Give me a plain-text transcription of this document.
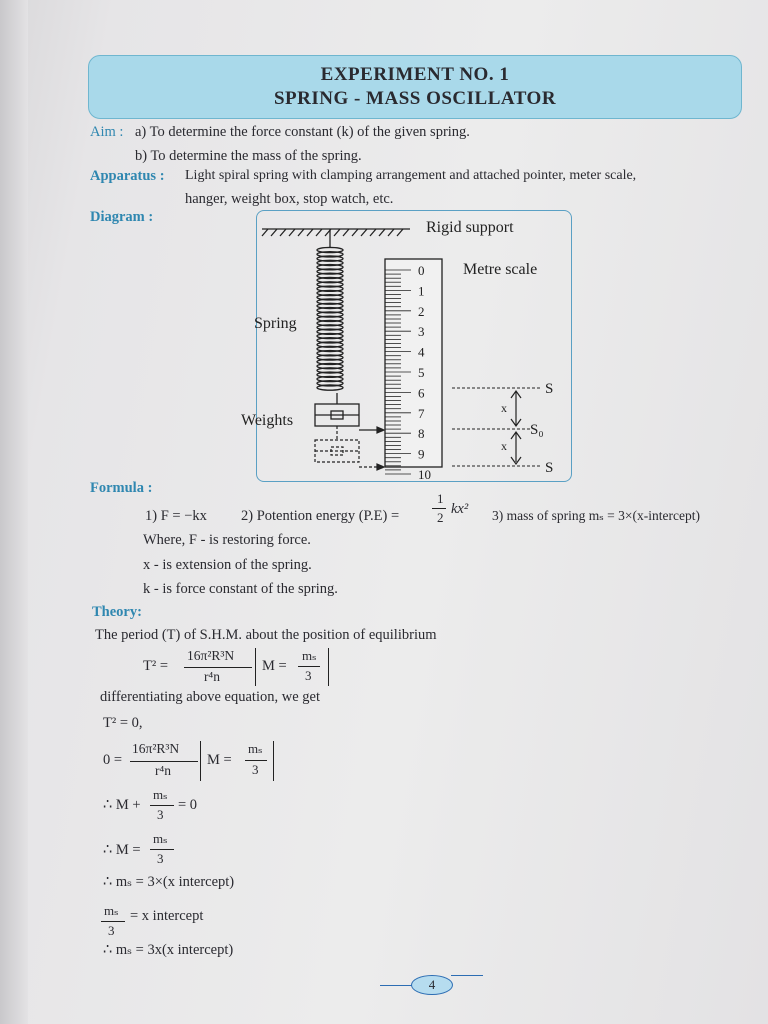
EXPERIMENT NO. 1
SPRING - MASS OSCILLATOR
Aim : a) To determine the force constant (k) of the given spring.
b) To determine the mass of the spring.
Apparatus : Light spiral spring with clamping arrangement and attached pointer, meter scale,
hanger, weight box, stop watch, etc.
Diagram :
Rigid support
Metre scale
Spring
Weights
S
S₀
S
x
x
0
1
2
3
4
5
6
7
8
9
10
Formula :
1) F = −kx 2) Potention energy (P.E) =
1
2
kx² 3) mass of spring mₛ = 3×(x-intercept)
Where, F - is restoring force.
x - is extension of the spring.
k - is force constant of the spring.
Theory:
The period (T) of S.H.M. about the position of equilibrium
T² =
16π²R³N
r⁴n
M =
mₛ
3
differentiating above equation, we get
T² = 0,
0 =
16π²R³N
r⁴n
M =
mₛ
3
∴ M +
mₛ
3
= 0
∴ M =
mₛ
3
∴ mₛ = 3×(x intercept)
mₛ
3
= x intercept
∴ mₛ = 3x(x intercept)
4
